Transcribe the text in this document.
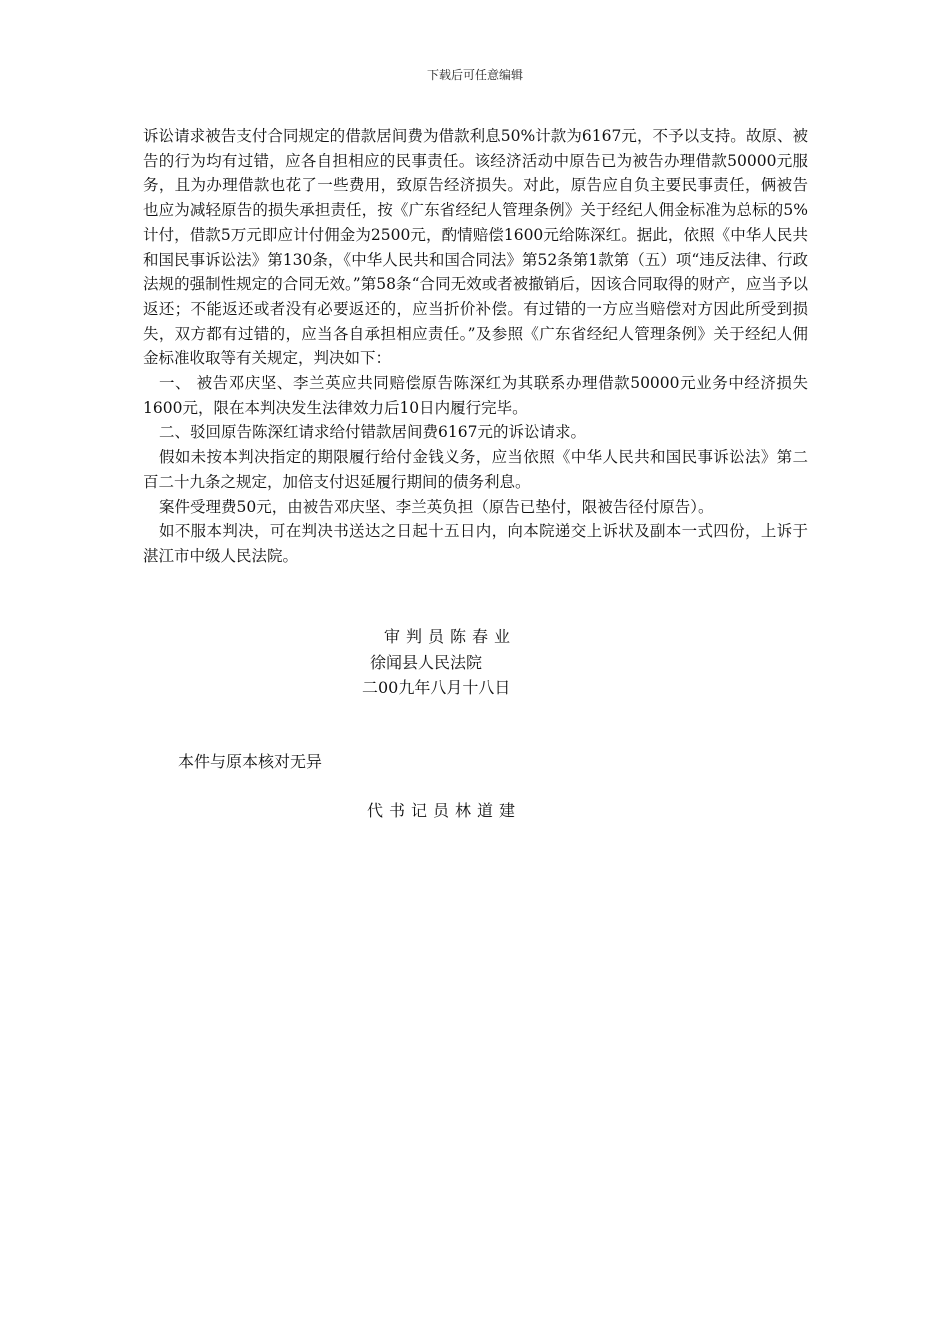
下载后可任意编辑

诉讼请求被告支付合同规定的借款居间费为借款利息50%计款为6167元，不予以支持。故原、被告的行为均有过错，应各自担相应的民事责任。该经济活动中原告已为被告办理借款50000元服务，且为办理借款也花了一些费用，致原告经济损失。对此，原告应自负主要民事责任，俩被告也应为减轻原告的损失承担责任，按《广东省经纪人管理条例》关于经纪人佣金标准为总标的5%计付，借款5万元即应计付佣金为2500元，酌情赔偿1600元给陈深红。据此，依照《中华人民共和国民事诉讼法》第130条，《中华人民共和国合同法》第52条第1款第（五）项“违反法律、行政法规的强制性规定的合同无效。”第58条“合同无效或者被撤销后，因该合同取得的财产，应当予以返还；不能返还或者没有必要返还的，应当折价补偿。有过错的一方应当赔偿对方因此所受到损失，双方都有过错的，应当各自承担相应责任。”及参照《广东省经纪人管理条例》关于经纪人佣金标准收取等有关规定，判决如下：

一、 被告邓庆坚、李兰英应共同赔偿原告陈深红为其联系办理借款50000元业务中经济损失1600元，限在本判决发生法律效力后10日内履行完毕。

二、驳回原告陈深红请求给付错款居间费6167元的诉讼请求。

假如未按本判决指定的期限履行给付金钱义务，应当依照《中华人民共和国民事诉讼法》第二百二十九条之规定，加倍支付迟延履行期间的债务利息。

案件受理费50元，由被告邓庆坚、李兰英负担（原告已垫付，限被告径付原告）。

如不服本判决，可在判决书送达之日起十五日内，向本院递交上诉状及副本一式四份，上诉于湛江市中级人民法院。

审判员陈春业
徐闻县人民法院
二00九年八月十八日
本件与原本核对无异
代书记员林道建
